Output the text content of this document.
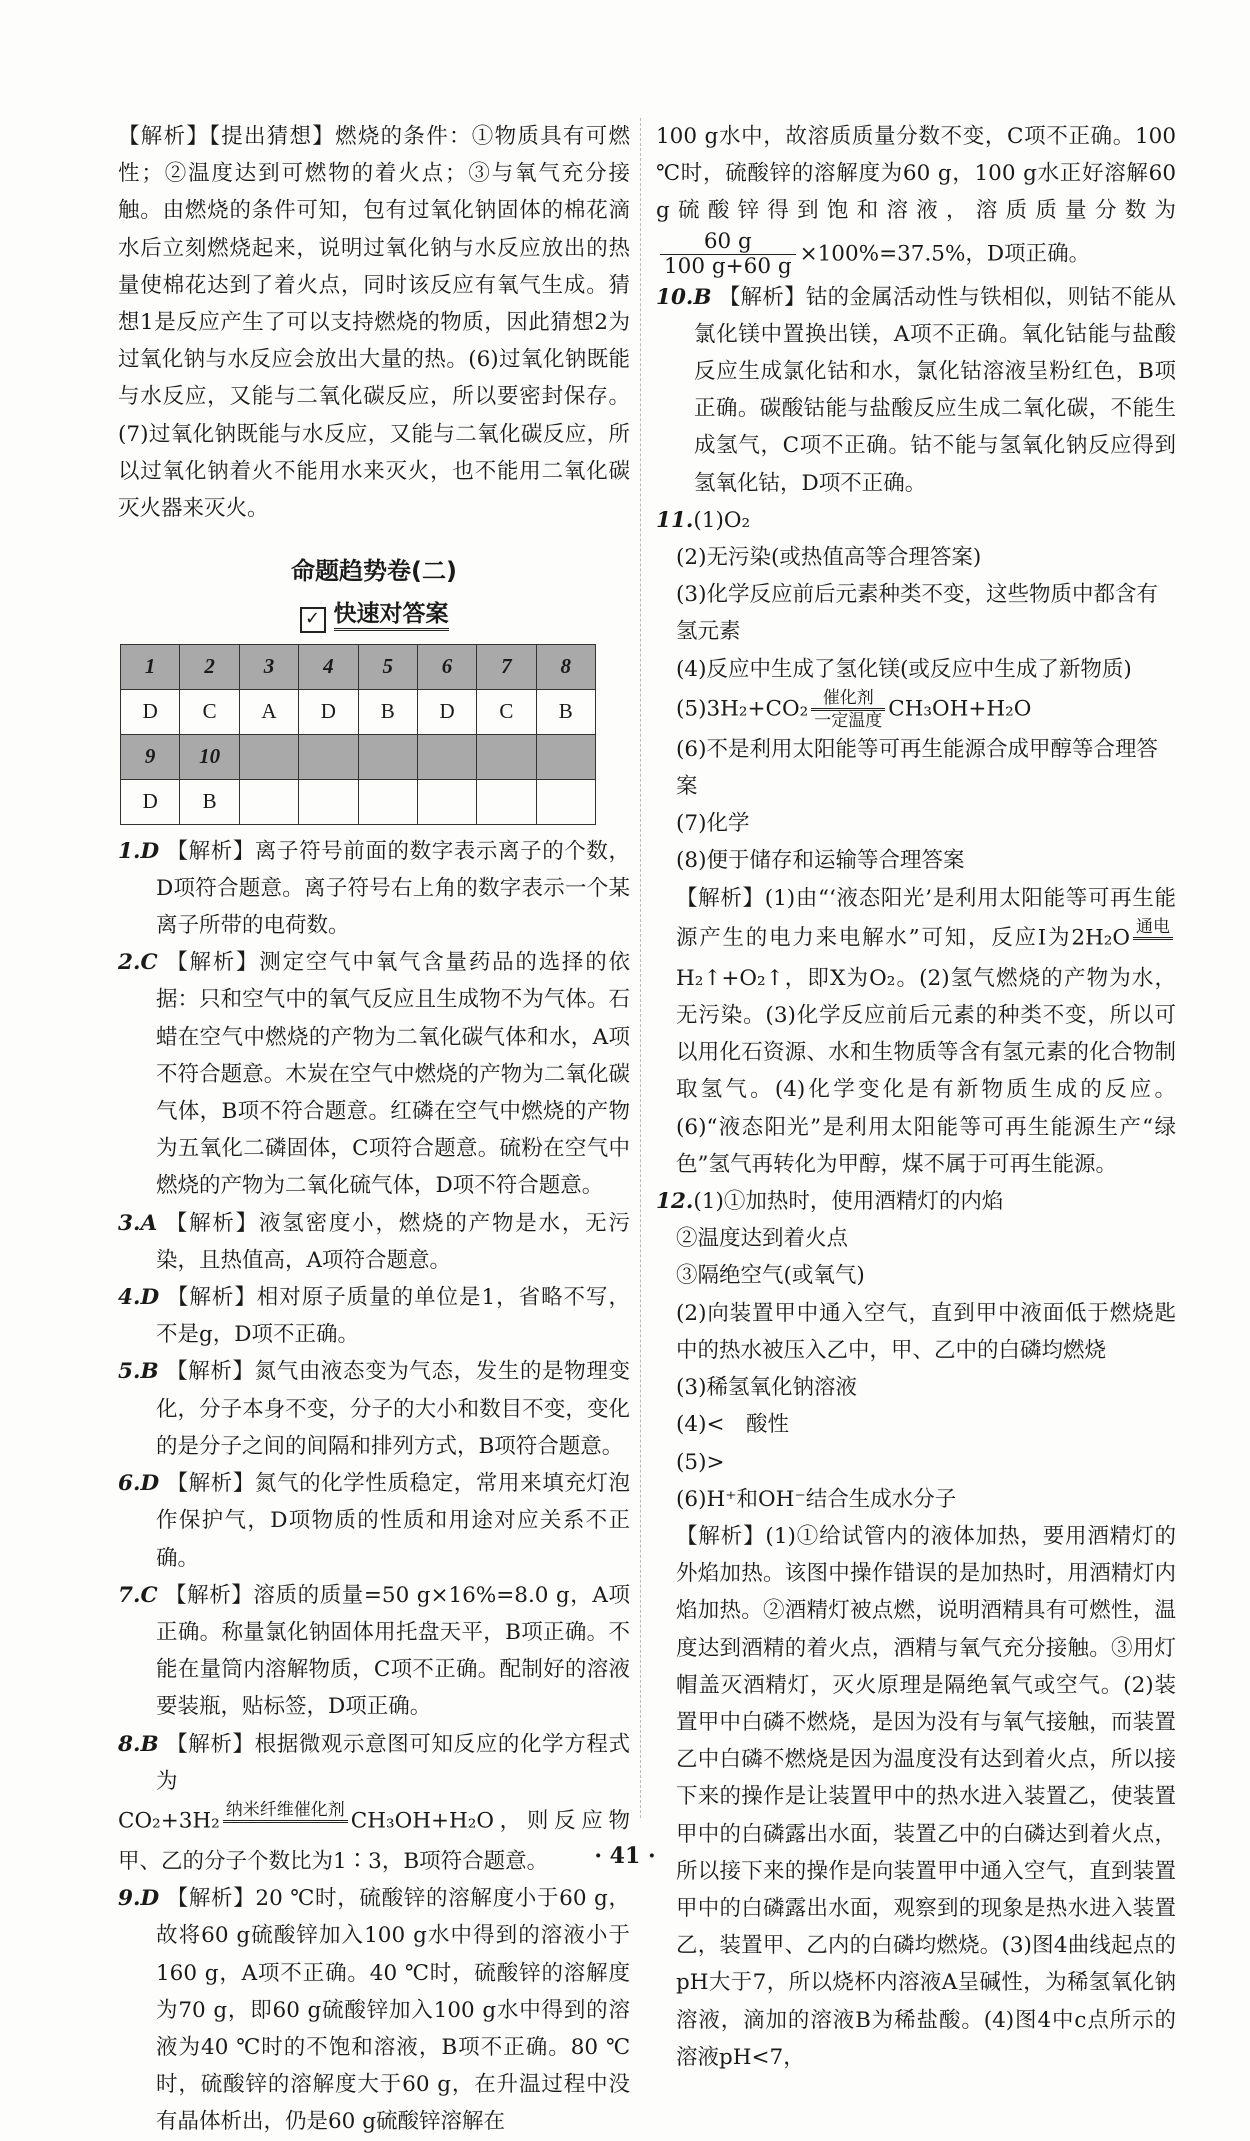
【解析】【提出猜想】燃烧的条件：①物质具有可燃性；②温度达到可燃物的着火点；③与氧气充分接触。由燃烧的条件可知，包有过氧化钠固体的棉花滴水后立刻燃烧起来，说明过氧化钠与水反应放出的热量使棉花达到了着火点，同时该反应有氧气生成。猜想1是反应产生了可以支持燃烧的物质，因此猜想2为过氧化钠与水反应会放出大量的热。(6)过氧化钠既能与水反应，又能与二氧化碳反应，所以要密封保存。(7)过氧化钠既能与水反应，又能与二氧化碳反应，所以过氧化钠着火不能用水来灭火，也不能用二氧化碳灭火器来灭火。

命题趋势卷(二)
✓ 快速对答案
1	2	3	4	5	6	7	8
D	C	A	D	B	D	C	B
9	10						
D	B						

1.D 【解析】离子符号前面的数字表示离子的个数，D项符合题意。离子符号右上角的数字表示一个某离子所带的电荷数。

2.C 【解析】测定空气中氧气含量药品的选择的依据：只和空气中的氧气反应且生成物不为气体。石蜡在空气中燃烧的产物为二氧化碳气体和水，A项不符合题意。木炭在空气中燃烧的产物为二氧化碳气体，B项不符合题意。红磷在空气中燃烧的产物为五氧化二磷固体，C项符合题意。硫粉在空气中燃烧的产物为二氧化硫气体，D项不符合题意。

3.A 【解析】液氢密度小，燃烧的产物是水，无污染，且热值高，A项符合题意。

4.D 【解析】相对原子质量的单位是1，省略不写，不是g，D项不正确。

5.B 【解析】氮气由液态变为气态，发生的是物理变化，分子本身不变，分子的大小和数目不变，变化的是分子之间的间隔和排列方式，B项符合题意。

6.D 【解析】氮气的化学性质稳定，常用来填充灯泡作保护气，D项物质的性质和用途对应关系不正确。

7.C 【解析】溶质的质量=50 g×16%=8.0 g，A项正确。称量氯化钠固体用托盘天平，B项正确。不能在量筒内溶解物质，C项不正确。配制好的溶液要装瓶，贴标签，D项正确。

8.B 【解析】根据微观示意图可知反应的化学方程式为

CO₂+3H₂ 纳米纤维催化剂
CH₃OH+H₂O，则反应物甲、乙的分子个数比为1∶3，B项符合题意。

9.D 【解析】20 ℃时，硫酸锌的溶解度小于60 g，故将60 g硫酸锌加入100 g水中得到的溶液小于160 g，A项不正确。40 ℃时，硫酸锌的溶解度为70 g，即60 g硫酸锌加入100 g水中得到的溶液为40 ℃时的不饱和溶液，B项不正确。80 ℃时，硫酸锌的溶解度大于60 g，在升温过程中没有晶体析出，仍是60 g硫酸锌溶解在

100 g水中，故溶质质量分数不变，C项不正确。100 ℃时，硫酸锌的溶解度为60 g，100 g水正好溶解60 g硫酸锌得到饱和溶液，溶质质量分数为
$\frac{60 g}{100 g+60 g} \times 100\%=37.5\%$，D项正确。

10.B 【解析】钴的金属活动性与铁相似，则钴不能从氯化镁中置换出镁，A项不正确。氧化钴能与盐酸反应生成氯化钴和水，氯化钴溶液呈粉红色，B项正确。碳酸钴能与盐酸反应生成二氧化碳，不能生成氢气，C项不正确。钴不能与氢氧化钠反应得到氢氧化钴，D项不正确。

11.(1)O₂

(2)无污染(或热值高等合理答案)

(3)化学反应前后元素种类不变，这些物质中都含有氢元素

(4)反应中生成了氢化镁(或反应中生成了新物质)

(5)3H₂+CO₂ 催化剂
一定温度 CH₃OH+H₂O

(6)不是利用太阳能等可再生能源合成甲醇等合理答案

(7)化学

(8)便于储存和运输等合理答案

【解析】(1)由“‘液态阳光’是利用太阳能等可再生能源产生的电力来电解水”可知，反应Ⅰ为2H₂O 通电

H₂↑+O₂↑，即X为O₂。(2)氢气燃烧的产物为水，无污染。(3)化学反应前后元素的种类不变，所以可以用化石资源、水和生物质等含有氢元素的化合物制取氢气。(4)化学变化是有新物质生成的反应。(6)“液态阳光”是利用太阳能等可再生能源生产“绿色”氢气再转化为甲醇，煤不属于可再生能源。

12.(1)①加热时，使用酒精灯的内焰

②温度达到着火点

③隔绝空气(或氧气)

(2)向装置甲中通入空气，直到甲中液面低于燃烧匙中的热水被压入乙中，甲、乙中的白磷均燃烧

(3)稀氢氧化钠溶液

(4)<　酸性

(5)>

(6)H⁺和OH⁻结合生成水分子

【解析】(1)①给试管内的液体加热，要用酒精灯的外焰加热。该图中操作错误的是加热时，用酒精灯内焰加热。②酒精灯被点燃，说明酒精具有可燃性，温度达到酒精的着火点，酒精与氧气充分接触。③用灯帽盖灭酒精灯，灭火原理是隔绝氧气或空气。(2)装置甲中白磷不燃烧，是因为没有与氧气接触，而装置乙中白磷不燃烧是因为温度没有达到着火点，所以接下来的操作是让装置甲中的热水进入装置乙，使装置甲中的白磷露出水面，装置乙中的白磷达到着火点，所以接下来的操作是向装置甲中通入空气，直到装置甲中的白磷露出水面，观察到的现象是热水进入装置乙，装置甲、乙内的白磷均燃烧。(3)图4曲线起点的pH大于7，所以烧杯内溶液A呈碱性，为稀氢氧化钠溶液，滴加的溶液B为稀盐酸。(4)图4中c点所示的溶液pH<7，

· 41 ·
